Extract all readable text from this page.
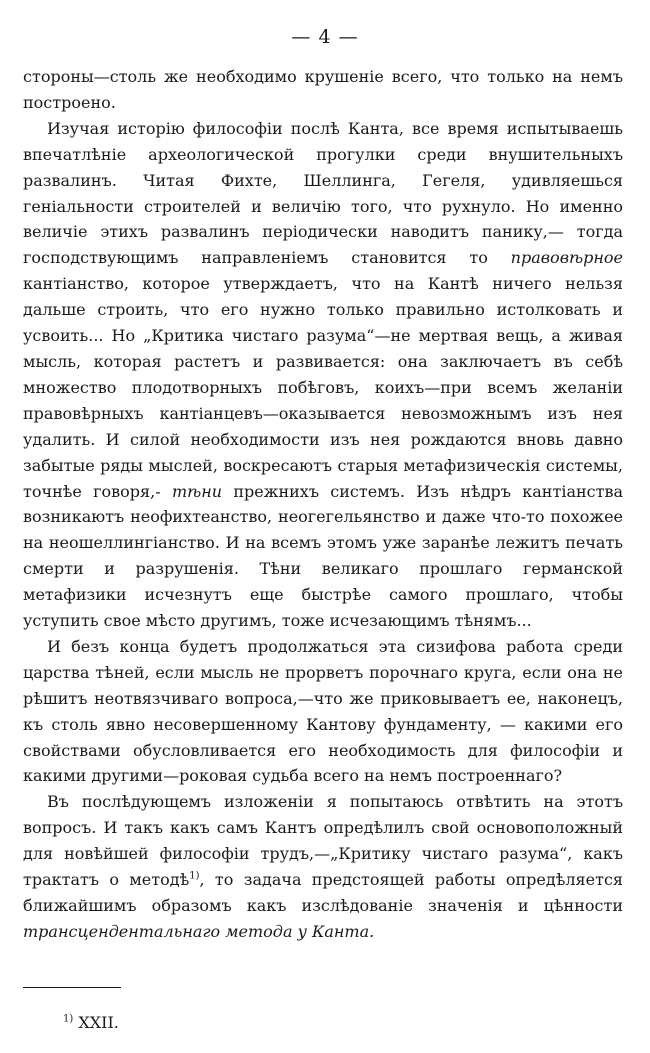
— 4 —

стороны—столь же необходимо крушеніе всего, что только на немъ построено.

Изучая исторію философіи послѣ Канта, все время испытываешь впечатлѣніе археологической прогулки среди внушительныхъ развалинъ. Читая Фихте, Шеллинга, Гегеля, удивляешься геніальности строителей и величію того, что рухнуло. Но именно величіе этихъ развалинъ періодически наводитъ панику,— тогда господствующимъ направленіемъ становится то правовѣрное кантіанство, которое утверждаетъ, что на Кантѣ ничего нельзя дальше строить, что его нужно только правильно истолковать и усвоить... Но „Критика чистаго разума“—не мертвая вещь, а живая мысль, которая растетъ и развивается: она заключаетъ въ себѣ множество плодотворныхъ побѣговъ, коихъ—при всемъ желаніи правовѣрныхъ кантіанцевъ—оказывается невозможнымъ изъ нея удалить. И силой необходимости изъ нея рождаются вновь давно забытые ряды мыслей, воскресаютъ старыя метафизическія системы, точнѣе говоря,- тѣни прежнихъ системъ. Изъ нѣдръ кантіанства возникаютъ неофихтеанство, неогегельянство и даже что-то похожее на неошеллингіанство. И на всемъ этомъ уже заранѣе лежитъ печать смерти и разрушенія. Тѣни великаго прошлаго германской метафизики исчезнутъ еще быстрѣе самого прошлаго, чтобы уступить свое мѣсто другимъ, тоже исчезающимъ тѣнямъ...

И безъ конца будетъ продолжаться эта сизифова работа среди царства тѣней, если мысль не прорветъ порочнаго круга, если она не рѣшитъ неотвязчиваго вопроса,—что же приковываетъ ее, наконецъ, къ столь явно несовершенному Кантову фундаменту, — какими его свойствами обусловливается его необходимость для философіи и какими другими—роковая судьба всего на немъ построеннаго?

Въ послѣдующемъ изложеніи я попытаюсь отвѣтить на этотъ вопросъ. И такъ какъ самъ Кантъ опредѣлилъ свой основоположный для новѣйшей философіи трудъ,—„Критику чистаго разума“, какъ трактатъ о методѣ$^{1)}$, то задача предстоящей работы опредѣляется ближайшимъ образомъ какъ изслѣдованіе значенія и цѣнности трансцендентальнаго метода у Канта.

$^{1)}$ XXII.
